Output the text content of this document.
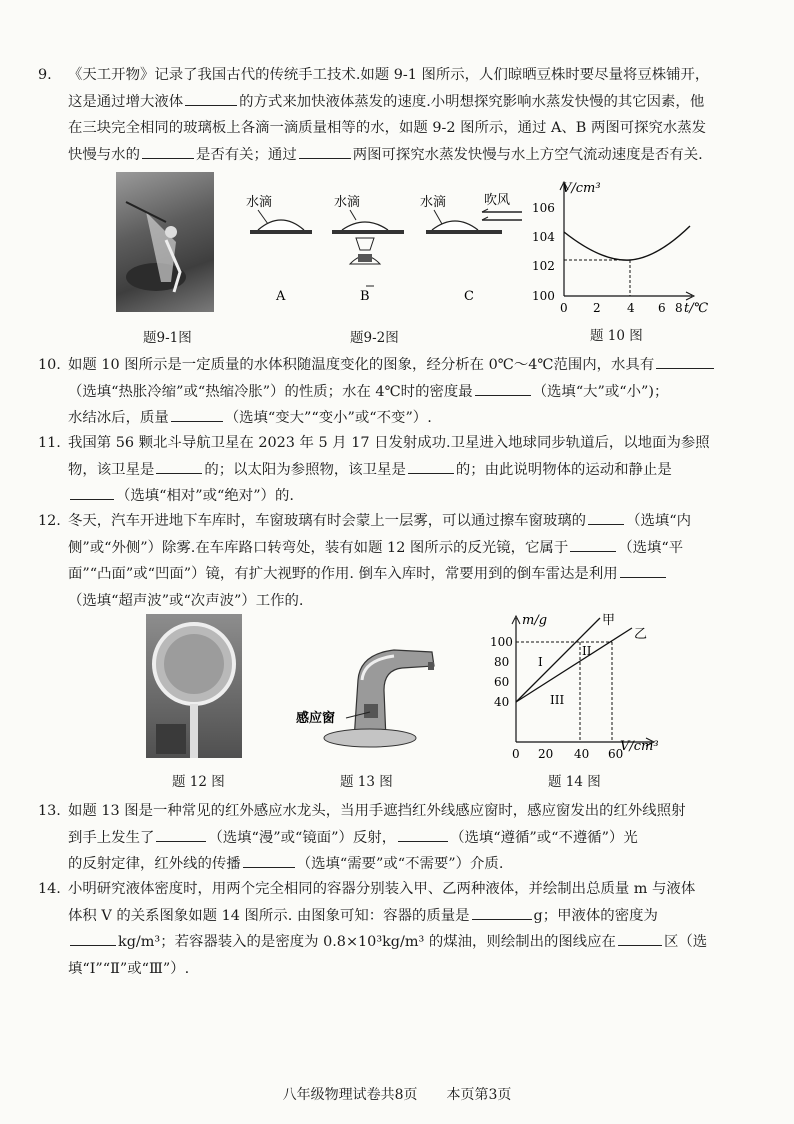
9.	《天工开物》记录了我国古代的传统手工技术.如题 9-1 图所示，人们晾晒豆株时要尽量将豆株铺开，
这是通过增大液体	的方式来加快液体蒸发的速度.小明想探究影响水蒸发快慢的其它因素，他
在三块完全相同的玻璃板上各滴一滴质量相等的水，如题 9-2 图所示，通过 A、B 两图可探究水蒸发
快慢与水的	是否有关；通过	两图可探究水蒸发快慢与水上方空气流动速度是否有关.
题9-1图
水滴
A
水滴
B
水滴	吹风
C
题9-2图
V/cm³
106
104
102
100
0 2 4 6 8 t/℃
题 10 图
10. 如题 10 图所示是一定质量的水体积随温度变化的图象，经分析在 0℃～4℃范围内，水具有
（选填“热胀冷缩”或“热缩冷胀”）的性质；水在 4℃时的密度最	（选填“大”或“小”)；
水结冰后，质量	（选填“变大”“变小”或“不变”）.
11. 我国第 56 颗北斗导航卫星在 2023 年 5 月 17 日发射成功.卫星进入地球同步轨道后，以地面为参照
物，该卫星是	的；以太阳为参照物，该卫星是	的；由此说明物体的运动和静止是
（选填“相对”或“绝对”）的.
12. 冬天，汽车开进地下车库时，车窗玻璃有时会蒙上一层雾，可以通过擦车窗玻璃的	（选填“内
侧”或“外侧”）除雾.在车库路口转弯处，装有如题 12 图所示的反光镜，它属于	（选填“平
面”“凸面”或“凹面”）镜，有扩大视野的作用. 倒车入库时，常要用到的倒车雷达是利用
（选填“超声波”或“次声波”）工作的.
题 12 图
感应窗
题 13 图
m/g
100
80
60
40
0 20 40 60
V/cm³
甲
乙
I
II
III
题 14 图
13. 如题 13 图是一种常见的红外感应水龙头，当用手遮挡红外线感应窗时，感应窗发出的红外线照射
到手上发生了	（选填“漫”或“镜面”）反射，	（选填“遵循”或“不遵循”）光
的反射定律，红外线的传播	（选填“需要”或“不需要”）介质.
14. 小明研究液体密度时，用两个完全相同的容器分别装入甲、乙两种液体，并绘制出总质量 m 与液体
体积 V 的关系图象如题 14 图所示. 由图象可知：容器的质量是	g；甲液体的密度为
kg/m³；若容器装入的是密度为 0.8×10³kg/m³ 的煤油，则绘制出的图线应在	区（选
填“Ⅰ”“Ⅱ”或“Ⅲ”）.
八年级物理试卷共8页 本页第3页
